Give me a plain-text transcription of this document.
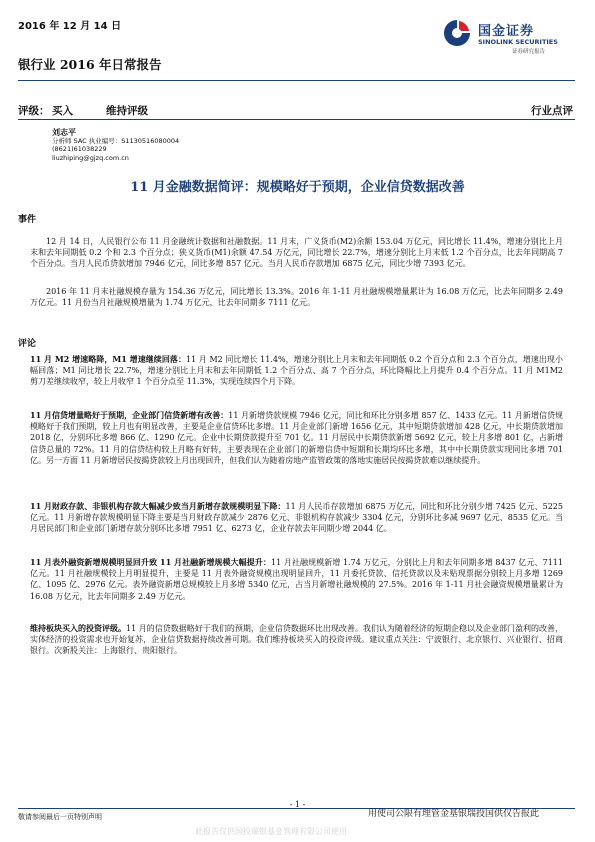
2016 年 12 月 14 日	国金证券
SINOLINK SECURITIES
证券研究报告
银行业 2016 年日常报告
评级： 买入	维持评级	行业点评
刘志平
分析师 SAC 执业编号：S1130516080004
(8621)61038229
liuzhiping@gjzq.com.cn
11 月金融数据简评：规模略好于预期，企业信贷数据改善
事件

12 月 14 日，人民银行公布 11 月金融统计数据和社融数据。11 月末，广义货币(M2)余额 153.04 万亿元，同比增长 11.4%，增速分别比上月末和去年同期低 0.2 个和 2.3 个百分点；狭义货币(M1)余额 47.54 万亿元，同比增长 22.7%，增速分别比上月末低 1.2 个百分点，比去年同期高 7 个百分点。当月人民币贷款增加 7946 亿元，同比多增 857 亿元。当月人民币存款增加 6875 亿元，同比少增 7393 亿元。

2016 年 11 月末社融规模存量为 154.36 万亿元，同比增长 13.3%。2016 年 1-11 月社融规模增量累计为 16.08 万亿元，比去年同期多 2.49 万亿元。11 月份当月社融规模增量为 1.74 万亿元，比去年同期多 7111 亿元。

评论

11 月 M2 增速略降，M1 增速继续回落：11 月 M2 同比增长 11.4%，增速分别比上月末和去年同期低 0.2 个百分点和 2.3 个百分点，增速出现小幅回落；M1 同比增长 22.7%，增速分别比上月末和去年同期低 1.2 个百分点、高 7 个百分点，环比降幅比上月提升 0.4 个百分点。11 月 M1M2 剪刀差继续收窄，较上月收窄 1 个百分点至 11.3%，实现连续四个月下降。

11 月信贷增量略好于预期，企业部门信贷新增有改善：11 月新增贷款规模 7946 亿元，同比和环比分别多增 857 亿、1433 亿元。11 月新增信贷规模略好于我们预期，较上月也有明显改善，主要是企业信贷环比多增。11 月企业部门新增 1656 亿元，其中短期贷款增加 428 亿元，中长期贷款增加 2018 亿，分别环比多增 866 亿、1290 亿元。企业中长期贷款提升至 701 亿。11 月居民中长期贷款新增 5692 亿元，较上月多增 801 亿，占新增信贷总量的 72%。11 月的信贷结构较上月略有好转，主要表现在企业部门的新增信贷中短期和长期均环比多增，其中中长期贷款实现同比多增 701 亿。另一方面 11 月新增居民按揭贷款较上月出现回升，但我们认为随着房地产监管政策的落地实施居民按揭贷款难以继续提升。

11 月财政存款、非银机构存款大幅减少致当月新增存款规模明显下降：11 月人民币存款增加 6875 万亿元，同比和环比分别少增 7425 亿元、5225 亿元。11 月新增存款规模明显下降主要是当月财政存款减少 2876 亿元、非银机构存款减少 3304 亿元，分别环比多减 9697 亿元、8535 亿元。当月居民部门和企业部门新增存款分别环比多增 7951 亿、6273 亿，企业存款去年同期少增 2044 亿。

11 月表外融资新增规模明显回升致 11 月社融新增规模大幅提升：11 月社融规模新增 1.74 万亿元，分别比上月和去年同期多增 8437 亿元、7111 亿元。11 月社融规模较上月明显提升，主要是 11 月表外融资规模出现明显回升，11 月委托贷款、信托贷款以及未贴现票据分别较上月多增 1269 亿、1095 亿、2976 亿元。表外融资新增总规模较上月多增 5340 亿元，占当月新增社融规模的 27.5%。2016 年 1-11 月社会融资规模增量累计为 16.08 万亿元，比去年同期多 2.49 万亿元。

维持板块买入的投资评级。11 月的信贷数据略好于我们的预期，企业信贷数据环比出现改善。我们认为随着经济的短期企稳以及企业部门盈利的改善，实体经济的投资需求也开始复苏，企业信贷数据持续改善可期。我们维持板块买入的投资评级。建议重点关注：宁波银行、北京银行、兴业银行、招商银行。次新股关注：上海银行、贵阳银行。

- 1 -
敬请参阅最后一页特别声明	用使司公限有理管金基银瑞投国供仅告报此
此报告仅供国投瑞银基金管理有限公司使用
